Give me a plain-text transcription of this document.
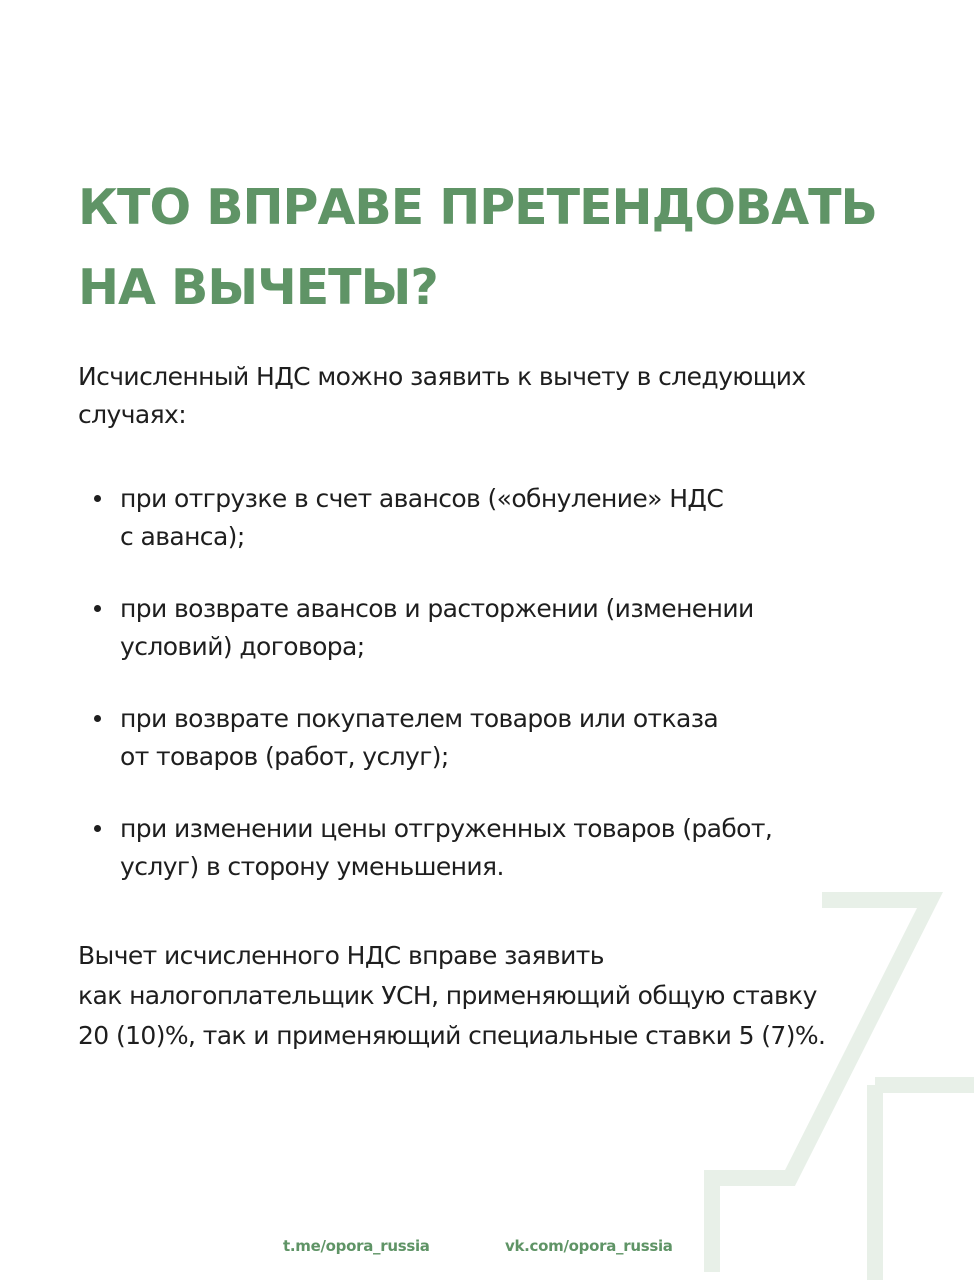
КТО ВПРАВЕ ПРЕТЕНДОВАТЬ
НА ВЫЧЕТЫ?

Исчисленный НДС можно заявить к вычету в следующих
случаях:

при отгрузке в счет авансов («обнуление» НДС
с аванса);
при возврате авансов и расторжении (изменении
условий) договора;
при возврате покупателем товаров или отказа
от товаров (работ, услуг);
при изменении цены отгруженных товаров (работ,
услуг) в сторону уменьшения.

Вычет исчисленного НДС вправе заявить
как налогоплательщик УСН, применяющий общую ставку
20 (10)%, так и применяющий специальные ставки 5 (7)%.

t.me/opora_russia	vk.com/opora_russia
